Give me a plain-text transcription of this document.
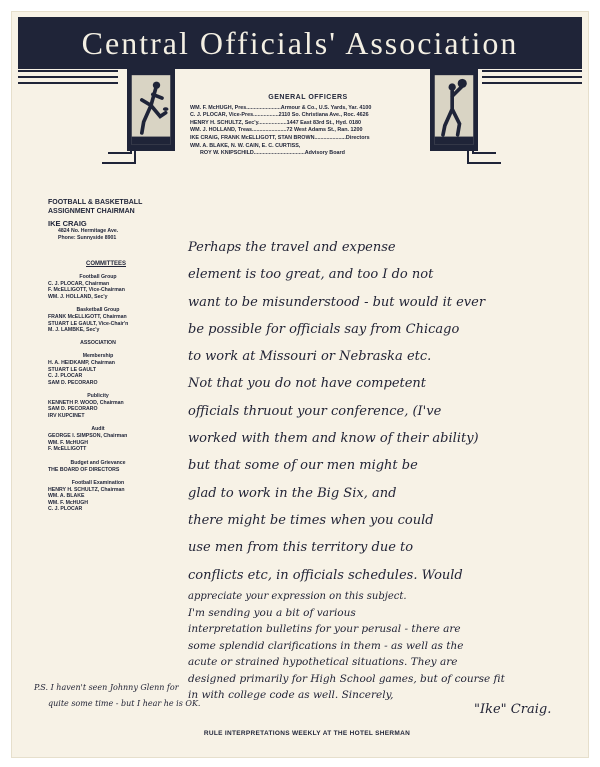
Central Officials' Association
GENERAL OFFICERS
WM. F. McHUGH, Pres.......................Armour & Co., U.S. Yards, Yar. 4100
C. J. PLOCAR, Vice-Pres.................2110 So. Christiana Ave., Roc. 4626
HENRY H. SCHULTZ, Sec'y...................1447 East 83rd St., Hyd. 0180
WM. J. HOLLAND, Treas.......................72 West Adams St., Ran. 1200
IKE CRAIG, FRANK McELLIGOTT, STAN BROWN.....................Directors
WM. A. BLAKE, N. W. CAIN, E. C. CURTISS,
ROY W. KNIPSCHILD..................................Advisory Board
FOOTBALL & BASKETBALL
ASSIGNMENT CHAIRMAN
IKE CRAIG
4824 No. Hermitage Ave.
Phone: Sunnyside 8901
COMMITTEES
Football Group
C. J. PLOCAR, Chairman
F. McELLIGOTT, Vice-Chairman
WM. J. HOLLAND, Sec'y
Basketball Group
FRANK McELLIGOTT, Chairman
STUART LE GAULT, Vice-Chair'n
M. J. LAMBKE, Sec'y
ASSOCIATION
Membership
H. A. HEIDKAMP, Chairman
STUART LE GAULT
C. J. PLOCAR
SAM D. PECORARO
Publicity
KENNETH P. WOOD, Chairman
SAM D. PECORARO
IRV KUPCINET
Audit
GEORGE I. SIMPSON, Chairman
WM. F. McHUGH
F. McELLIGOTT
Budget and Grievance
THE BOARD OF DIRECTORS
Football Examination
HENRY H. SCHULTZ, Chairman
WM. A. BLAKE
WM. F. McHUGH
C. J. PLOCAR
Perhaps the travel and expense
element is too great, and too I do not
want to be misunderstood - but would it ever
be possible for officials say from Chicago
to work at Missouri or Nebraska etc.
Not that you do not have competent
officials thruout your conference, (I've
worked with them and know of their ability)
but that some of our men might be
glad to work in the Big Six, and
there might be times when you could
use men from this territory due to
conflicts etc, in officials schedules. Would
appreciate your expression on this subject.
I'm sending you a bit of various
interpretation bulletins for your perusal - there are
some splendid clarifications in them - as well as the
acute or strained hypothetical situations. They are
designed primarily for High School games, but of course fit
in with college code as well. Sincerely,
"Ike" Craig.
P.S. I haven't seen Johnny Glenn for
quite some time - but I hear he is OK.
RULE INTERPRETATIONS WEEKLY AT THE HOTEL SHERMAN
